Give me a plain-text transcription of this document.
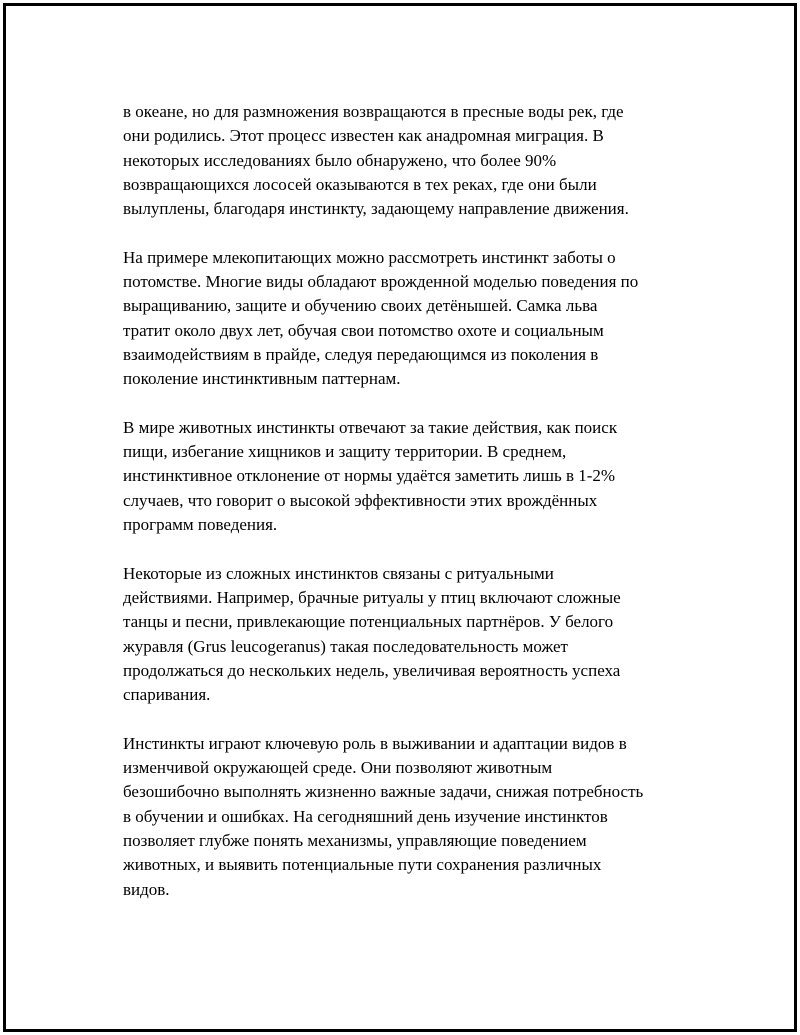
в океане, но для размножения возвращаются в пресные воды рек, где
они родились. Этот процесс известен как анадромная миграция. В
некоторых исследованиях было обнаружено, что более 90%
возвращающихся лососей оказываются в тех реках, где они были
вылуплены, благодаря инстинкту, задающему направление движения.

На примере млекопитающих можно рассмотреть инстинкт заботы о
потомстве. Многие виды обладают врожденной моделью поведения по
выращиванию, защите и обучению своих детёнышей. Самка льва
тратит около двух лет, обучая свои потомство охоте и социальным
взаимодействиям в прайде, следуя передающимся из поколения в
поколение инстинктивным паттернам.

В мире животных инстинкты отвечают за такие действия, как поиск
пищи, избегание хищников и защиту территории. В среднем,
инстинктивное отклонение от нормы удаётся заметить лишь в 1-2%
случаев, что говорит о высокой эффективности этих врождённых
программ поведения.

Некоторые из сложных инстинктов связаны с ритуальными
действиями. Например, брачные ритуалы у птиц включают сложные
танцы и песни, привлекающие потенциальных партнёров. У белого
журавля (Grus leucogeranus) такая последовательность может
продолжаться до нескольких недель, увеличивая вероятность успеха
спаривания.

Инстинкты играют ключевую роль в выживании и адаптации видов в
изменчивой окружающей среде. Они позволяют животным
безошибочно выполнять жизненно важные задачи, снижая потребность
в обучении и ошибках. На сегодняшний день изучение инстинктов
позволяет глубже понять механизмы, управляющие поведением
животных, и выявить потенциальные пути сохранения различных
видов.
